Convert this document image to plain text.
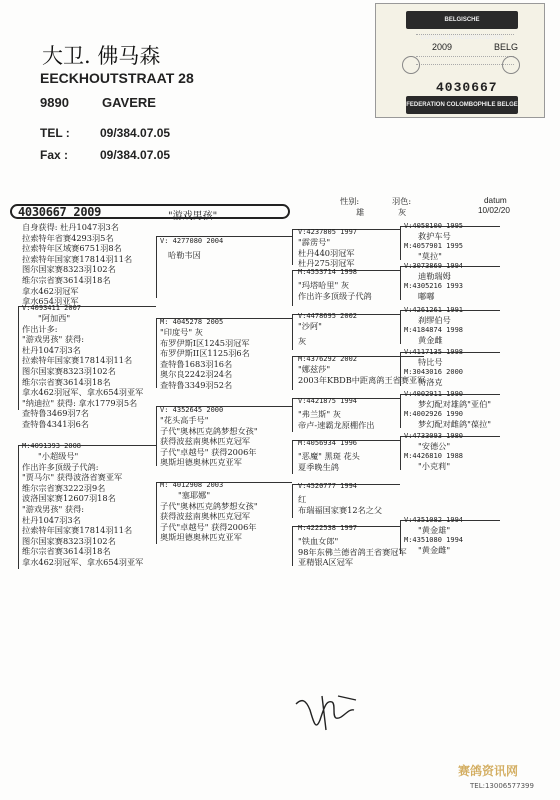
大卫. 佛马森
EECKHOUTSTRAAT 28
9890	GAVERE
TEL :	09/384.07.05
Fax :	09/384.07.05
BELGISCHE DUIVENLIEFHEBBERSBOND
2009	BELG
4030667
FEDERATION COLOMBOPHILE BELGE
性别:
雄
羽色:
灰
datum
10/02/20
4030667 2009	"游戏男孩"
自身获得: 杜丹1047羽3名
拉索特年省赛4293羽5名
拉索特年区域赛6751羽8名
拉索特年国家赛17814羽11名
图尔国家赛8323羽102名
维尔宗省赛3614羽18名
拿水462羽冠军
拿水654羽亚军
V:4093411 2007
"阿加西"
作出计多:
"游戏男孩" 获得:
杜丹1047羽3名
拉索特年国家赛17814羽11名
图尔国家赛8323羽102名
维尔宗省赛3614羽18名
拿水462羽冠军、拿水654羽亚军
"纳迪拉" 获得: 拿水1779羽5名
查特鲁3469羽7名
查特鲁4341羽6名
M:4091393 2008
"小超级号"
作出许多顶级子代鸽:
"贾马尔" 获得波洛省赛亚军
维尔宗省赛3222羽9名
波洛国家赛12607羽18名
"游戏男孩" 获得:
杜丹1047羽3名
拉索特年国家赛17814羽11名
图尔国家赛8323羽102名
维尔宗省赛3614羽18名
拿水462羽冠军、拿水654羽亚军
V: 4277080 2004
哈勒韦因
M: 4045278 2005
"印度号" 灰
布罗伊斯I区1245羽冠军
布罗伊斯II区1125羽6名
查特鲁1683羽16名
奥尔良2242羽24名
查特鲁3349羽52名
V: 4352645 2000
"花头高手号"
子代"奥林匹克鸽梦想女孩"
获得波兹南奥林匹克冠军
子代"卓越号" 获得2006年
奥斯坦德奥林匹克亚军
M: 4012908 2003
"塞耶娜"
子代"奥林匹克鸽梦想女孩"
获得波兹南奥林匹克冠军
子代"卓越号" 获得2006年
奥斯坦德奥林匹克亚军
V:4237805 1997
"霹雳号"
杜丹440羽冠军
杜丹275羽冠军
M:4553714 1998
"玛塔哈里" 灰
作出许多顶级子代鸽
V:4478695 2002
"沙阿"
灰
M:4376292 2002
"娜兹莎"
2003年KBDB中距离鸽王省赛亚军
V:4421875 1994
"弗兰斯" 灰
帝卢-速霸龙原棚作出
M:4056934 1996
"恶魔" 黑斑 花头
夏季晚生鸽
V:4520777 1994
红
布瑞福国家赛12名之父
M:4222538 1997
"铁血女郎"
98年东佛兰德省鸽王省赛冠军
亚精银A区冠军
V:4058100 1995
救护车号
M:4057901 1995
"莫拉"
V:3073869 1994
迪勒瑞姆
M:4305216 1993
嘟嘟
V:4261261 1991
刹缪伯号
M:4184874 1998
黄金雌
V:4117135 1998
特比号
M:3043016 2000
特洛克
V:4002911 1990
梦幻配对雄鸽"亚伯"
M:4002926 1990
梦幻配对雌鸽"葆拉"
V:4733093 1980
"安德公"
M:4426810 1988
"小克莉"
V:4351082 1994
"黄金雄"
M:4351080 1994
"黄金雌"
赛鸽资讯网
TEL:13006577399
